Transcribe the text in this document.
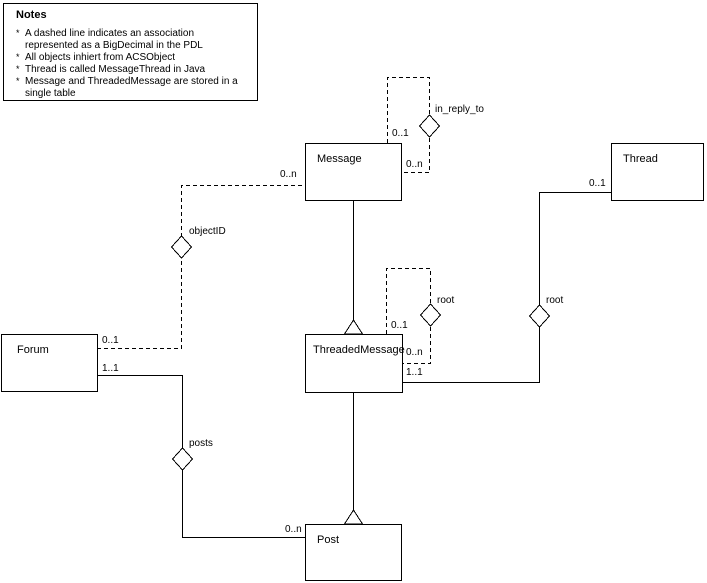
Notes
* A dashed line indicates an association represented as a BigDecimal in the PDL
* All objects inhiert from ACSObject
* Thread is called MessageThread in Java
* Message and ThreadedMessage are stored in a single table
Message	Thread
Forum	ThreadedMessage
Post
in_reply_to
objectID
root	root
posts
0..1
0..n
0..n
0..1
0..1
0..n
1..1
0..1
1..1
0..n
